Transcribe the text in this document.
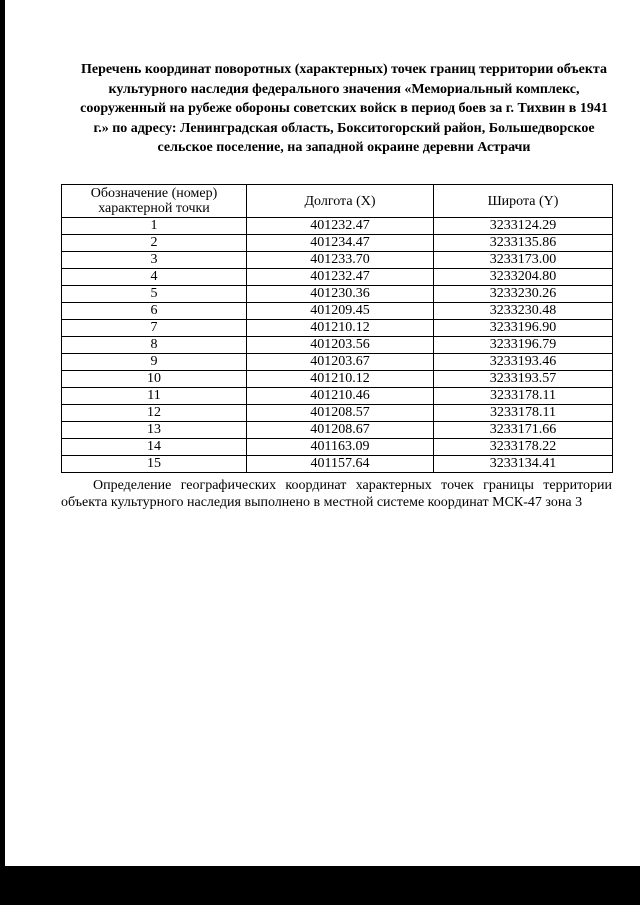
Перечень координат поворотных (характерных) точек границ территории объекта культурного наследия федерального значения «Мемориальный комплекс, сооруженный на рубеже обороны советских войск в период боев за г. Тихвин в 1941 г.» по адресу: Ленинградская область, Бокситогорский район, Большедворское сельское поселение, на западной окраине деревни Астрачи
Обозначение (номер) характерной точки	Долгота (X)	Широта (Y)
1	401232.47	3233124.29
2	401234.47	3233135.86
3	401233.70	3233173.00
4	401232.47	3233204.80
5	401230.36	3233230.26
6	401209.45	3233230.48
7	401210.12	3233196.90
8	401203.56	3233196.79
9	401203.67	3233193.46
10	401210.12	3233193.57
11	401210.46	3233178.11
12	401208.57	3233178.11
13	401208.67	3233171.66
14	401163.09	3233178.22
15	401157.64	3233134.41

Определение географических координат характерных точек границы территории объекта культурного наследия выполнено в местной системе координат МСК-47 зона 3
